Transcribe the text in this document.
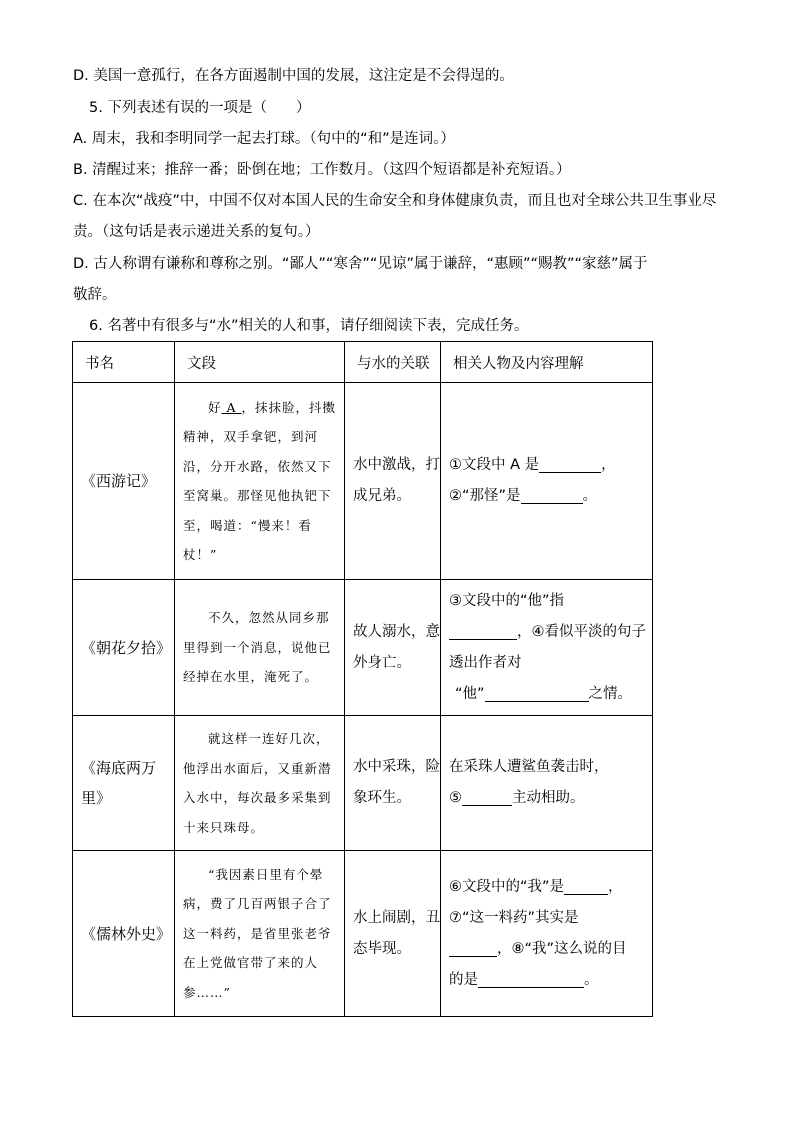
D. 美国一意孤行，在各方面遏制中国的发展，这注定是不会得逞的。
5. 下列表述有误的一项是（　　）
A. 周末，我和李明同学一起去打球。（句中的“和”是连词。）
B. 清醒过来；推辞一番；卧倒在地；工作数月。（这四个短语都是补充短语。）
C. 在本次“战疫”中，中国不仅对本国人民的生命安全和身体健康负责，而且也对全球公共卫生事业尽
责。（这句话是表示递进关系的复句。）
D. 古人称谓有谦称和尊称之别。“鄙人”“寒舍”“见谅”属于谦辞，“惠顾”“赐教”“家慈”属于
敬辞。
6. 名著中有很多与“水”相关的人和事，请仔细阅读下表，完成任务。
书名	文段	与水的关联	相关人物及内容理解
《西游记》	好 A ，抹抹脸，抖擞精神，双手拿钯，到河沿，分开水路，依然又下至窝巢。那怪见他执钯下至，喝道：“慢来！看杖！”	水中激战，打成兄弟。	①文段中 A 是 ，
②“那怪”是 。

《朝花夕拾》	不久，忽然从同乡那里得到一个消息，说他已经掉在水里，淹死了。	故人溺水，意外身亡。	③文段中的“他”指
，④看似平淡的句子
透出作者对
“他” 之情。

《海底两万里》	就这样一连好几次，他浮出水面后，又重新潜入水中，每次最多采集到十来只珠母。	水中采珠，险象环生。	在采珠人遭鲨鱼袭击时，
⑤ 主动相助。

《儒林外史》	“我因素日里有个晕病，费了几百两银子合了这一料药，是省里张老爷在上党做官带了来的人参……”	水上闹剧，丑态毕现。	⑥文段中的“我”是 ，
⑦“这一料药”其实是
，⑧“我”这么说的目
的是 。
